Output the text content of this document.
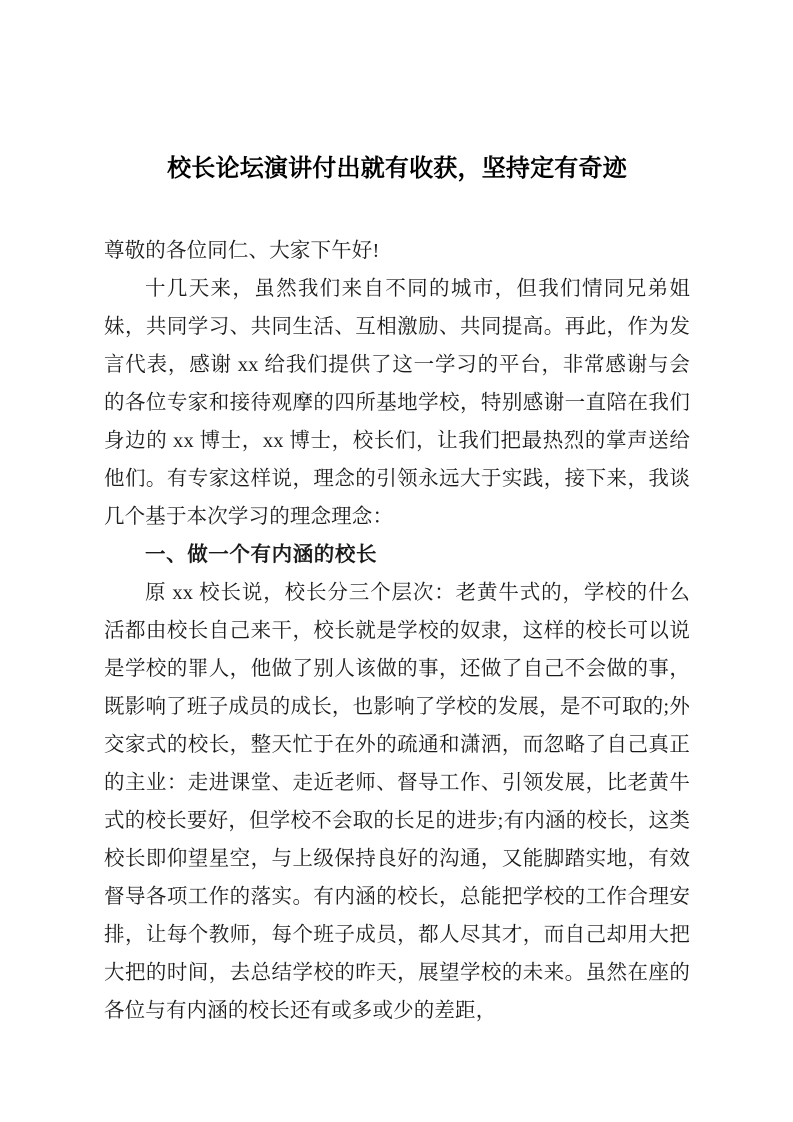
校长论坛演讲付出就有收获，坚持定有奇迹

尊敬的各位同仁、大家下午好!

十几天来，虽然我们来自不同的城市，但我们情同兄弟姐妹，共同学习、共同生活、互相激励、共同提高。再此，作为发言代表，感谢 xx 给我们提供了这一学习的平台，非常感谢与会的各位专家和接待观摩的四所基地学校，特别感谢一直陪在我们身边的 xx 博士，xx 博士，校长们，让我们把最热烈的掌声送给他们。有专家这样说，理念的引领永远大于实践，接下来，我谈几个基于本次学习的理念理念：

一、做一个有内涵的校长

原 xx 校长说，校长分三个层次：老黄牛式的，学校的什么活都由校长自己来干，校长就是学校的奴隶，这样的校长可以说是学校的罪人，他做了别人该做的事，还做了自己不会做的事，既影响了班子成员的成长，也影响了学校的发展，是不可取的;外交家式的校长，整天忙于在外的疏通和潇洒，而忽略了自己真正的主业：走进课堂、走近老师、督导工作、引领发展，比老黄牛式的校长要好，但学校不会取的长足的进步;有内涵的校长，这类校长即仰望星空，与上级保持良好的沟通，又能脚踏实地，有效督导各项工作的落实。有内涵的校长，总能把学校的工作合理安排，让每个教师，每个班子成员，都人尽其才，而自己却用大把大把的时间，去总结学校的昨天，展望学校的未来。虽然在座的各位与有内涵的校长还有或多或少的差距，
